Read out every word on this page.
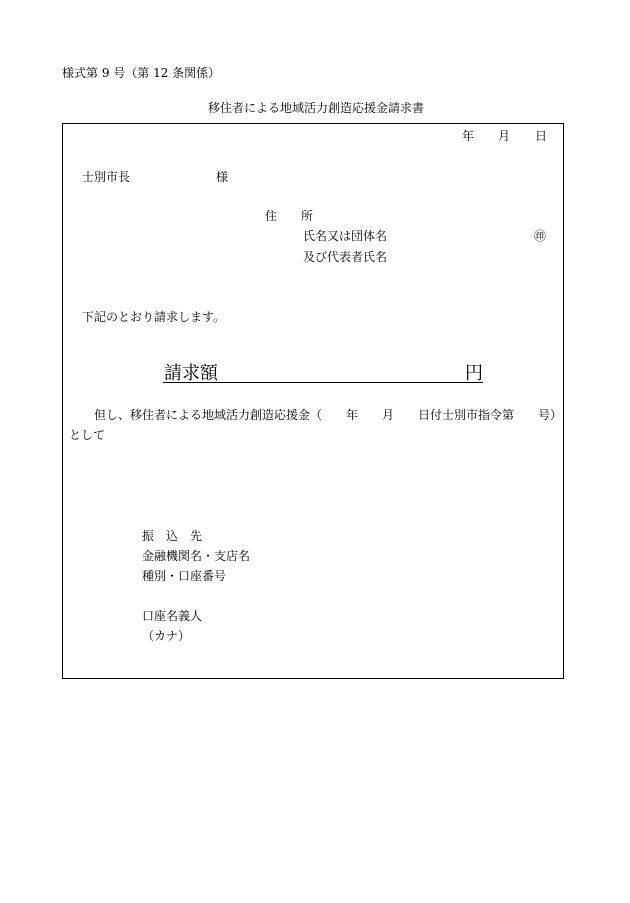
様式第 9 号（第 12 条関係）
移住者による地域活力創造応援金請求書
年 月 日
士別市長	様
住　　所
氏名又は団体名	㊞
及び代表者氏名
下記のとおり請求します。
請求額	円
但し、移住者による地域活力創造応援金（　　年　　月　　日付士別市指令第　　号）
として
振　込　先
金融機関名・支店名
種別・口座番号
口座名義人
（カナ）
